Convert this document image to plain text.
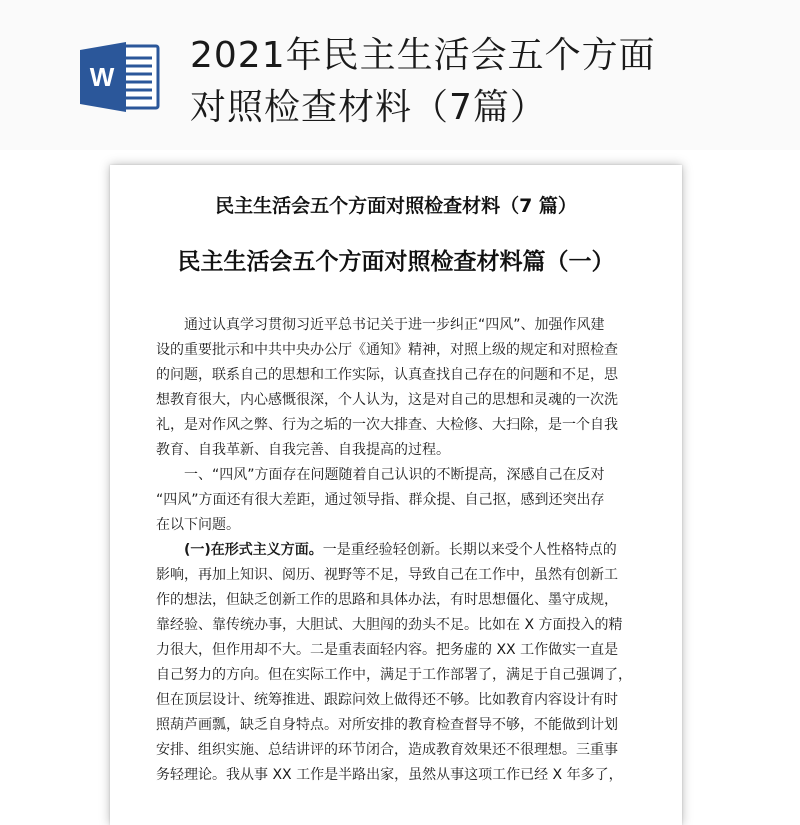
W
2021年民主生活会五个方面
对照检查材料（7篇）
民主生活会五个方面对照检查材料（7 篇）
民主生活会五个方面对照检查材料篇（一）
通过认真学习贯彻习近平总书记关于进一步纠正“四风”、加强作风建
设的重要批示和中共中央办公厅《通知》精神，对照上级的规定和对照检查
的问题，联系自己的思想和工作实际，认真查找自己存在的问题和不足，思
想教育很大，内心感慨很深，个人认为，这是对自己的思想和灵魂的一次洗
礼，是对作风之弊、行为之垢的一次大排查、大检修、大扫除，是一个自我
教育、自我革新、自我完善、自我提高的过程。
一、“四风”方面存在问题随着自己认识的不断提高，深感自己在反对
“四风”方面还有很大差距，通过领导指、群众提、自己抠，感到还突出存
在以下问题。
(一)在形式主义方面。一是重经验轻创新。长期以来受个人性格特点的
影响，再加上知识、阅历、视野等不足，导致自己在工作中，虽然有创新工
作的想法，但缺乏创新工作的思路和具体办法，有时思想僵化、墨守成规，
靠经验、靠传统办事，大胆试、大胆闯的劲头不足。比如在 X 方面投入的精
力很大，但作用却不大。二是重表面轻内容。把务虚的 XX 工作做实一直是
自己努力的方向。但在实际工作中，满足于工作部署了，满足于自己强调了，
但在顶层设计、统筹推进、跟踪问效上做得还不够。比如教育内容设计有时
照葫芦画瓢，缺乏自身特点。对所安排的教育检查督导不够，不能做到计划
安排、组织实施、总结讲评的环节闭合，造成教育效果还不很理想。三重事
务轻理论。我从事 XX 工作是半路出家，虽然从事这项工作已经 X 年多了，
